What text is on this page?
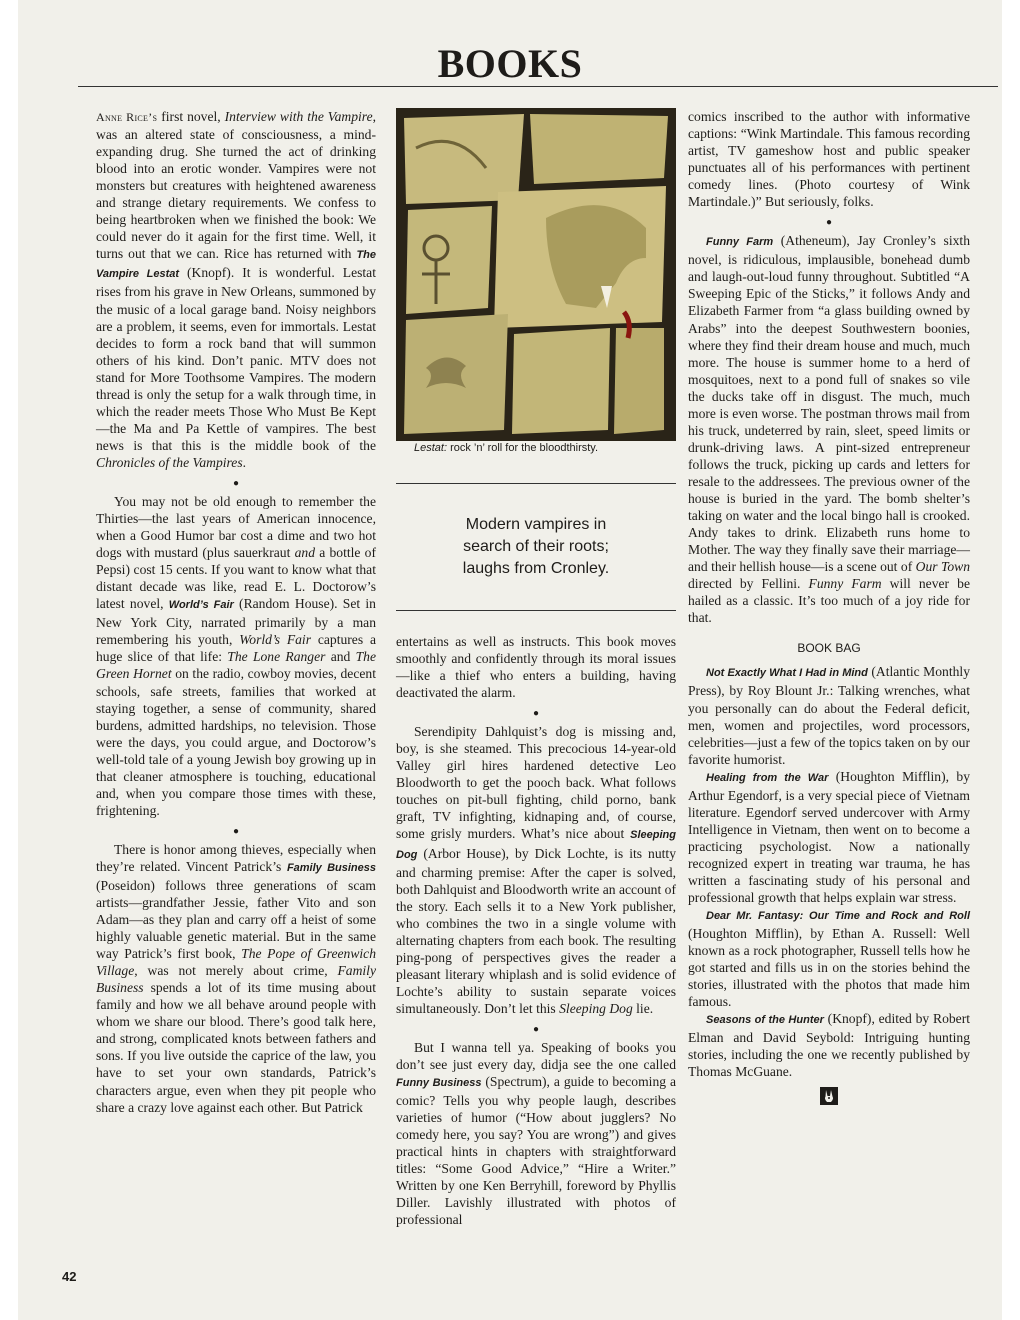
BOOKS

Anne Rice’s first novel, Interview with the Vampire, was an altered state of consciousness, a mind-expanding drug. She turned the act of drinking blood into an erotic wonder. Vampires were not monsters but creatures with heightened awareness and strange dietary requirements. We confess to being heartbroken when we finished the book: We could never do it again for the first time. Well, it turns out that we can. Rice has returned with The Vampire Lestat (Knopf). It is wonderful. Lestat rises from his grave in New Orleans, summoned by the music of a local garage band. Noisy neighbors are a problem, it seems, even for immortals. Lestat decides to form a rock band that will summon others of his kind. Don’t panic. MTV does not stand for More Toothsome Vampires. The modern thread is only the setup for a walk through time, in which the reader meets Those Who Must Be Kept—the Ma and Pa Kettle of vampires. The best news is that this is the middle book of the Chronicles of the Vampires.

●

You may not be old enough to remember the Thirties—the last years of American innocence, when a Good Humor bar cost a dime and two hot dogs with mustard (plus sauerkraut and a bottle of Pepsi) cost 15 cents. If you want to know what that distant decade was like, read E. L. Doctorow’s latest novel, World’s Fair (Random House). Set in New York City, narrated primarily by a man remembering his youth, World’s Fair captures a huge slice of that life: The Lone Ranger and The Green Hornet on the radio, cowboy movies, decent schools, safe streets, families that worked at staying together, a sense of community, shared burdens, admitted hardships, no television. Those were the days, you could argue, and Doctorow’s well-told tale of a young Jewish boy growing up in that cleaner atmosphere is touching, educational and, when you compare those times with these, frightening.

●

There is honor among thieves, especially when they’re related. Vincent Patrick’s Family Business (Poseidon) follows three generations of scam artists—grandfather Jessie, father Vito and son Adam—as they plan and carry off a heist of some highly valuable genetic material. But in the same way Patrick’s first book, The Pope of Greenwich Village, was not merely about crime, Family Business spends a lot of its time musing about family and how we all behave around people with whom we share our blood. There’s good talk here, and strong, complicated knots between fathers and sons. If you live outside the caprice of the law, you have to set your own standards, Patrick’s characters argue, even when they pit people who share a crazy love against each other. But Patrick

Lestat: rock ’n’ roll for the bloodthirsty.

Modern vampires in
search of their roots;
laughs from Cronley.

entertains as well as instructs. This book moves smoothly and confidently through its moral issues—like a thief who enters a building, having deactivated the alarm.

●

Serendipity Dahlquist’s dog is missing and, boy, is she steamed. This precocious 14-year-old Valley girl hires hardened detective Leo Bloodworth to get the pooch back. What follows touches on pit-bull fighting, child porno, bank graft, TV infighting, kidnaping and, of course, some grisly murders. What’s nice about Sleeping Dog (Arbor House), by Dick Lochte, is its nutty and charming premise: After the caper is solved, both Dahlquist and Bloodworth write an account of the story. Each sells it to a New York publisher, who combines the two in a single volume with alternating chapters from each book. The resulting ping-pong of perspectives gives the reader a pleasant literary whiplash and is solid evidence of Lochte’s ability to sustain separate voices simultaneously. Don’t let this Sleeping Dog lie.

●

But I wanna tell ya. Speaking of books you don’t see just every day, didja see the one called Funny Business (Spectrum), a guide to becoming a comic? Tells you why people laugh, describes varieties of humor (“How about jugglers? No comedy here, you say? You are wrong”) and gives practical hints in chapters with straightforward titles: “Some Good Advice,” “Hire a Writer.” Written by one Ken Berryhill, foreword by Phyllis Diller. Lavishly illustrated with photos of professional

comics inscribed to the author with informative captions: “Wink Martindale. This famous recording artist, TV gameshow host and public speaker punctuates all of his performances with pertinent comedy lines. (Photo courtesy of Wink Martindale.)” But seriously, folks.

●

Funny Farm (Atheneum), Jay Cronley’s sixth novel, is ridiculous, implausible, bonehead dumb and laugh-out-loud funny throughout. Subtitled “A Sweeping Epic of the Sticks,” it follows Andy and Elizabeth Farmer from “a glass building owned by Arabs” into the deepest Southwestern boonies, where they find their dream house and much, much more. The house is summer home to a herd of mosquitoes, next to a pond full of snakes so vile the ducks take off in disgust. The much, much more is even worse. The postman throws mail from his truck, undeterred by rain, sleet, speed limits or drunk-driving laws. A pint-sized entrepreneur follows the truck, picking up cards and letters for resale to the addressees. The previous owner of the house is buried in the yard. The bomb shelter’s taking on water and the local bingo hall is crooked. Andy takes to drink. Elizabeth runs home to Mother. The way they finally save their marriage—and their hellish house—is a scene out of Our Town directed by Fellini. Funny Farm will never be hailed as a classic. It’s too much of a joy ride for that.

BOOK BAG

Not Exactly What I Had in Mind (Atlantic Monthly Press), by Roy Blount Jr.: Talking wrenches, what you personally can do about the Federal deficit, men, women and projectiles, word processors, celebrities—just a few of the topics taken on by our favorite humorist.

Healing from the War (Houghton Mifflin), by Arthur Egendorf, is a very special piece of Vietnam literature. Egendorf served undercover with Army Intelligence in Vietnam, then went on to become a practicing psychologist. Now a nationally recognized expert in treating war trauma, he has written a fascinating study of his personal and professional growth that helps explain war stress.

Dear Mr. Fantasy: Our Time and Rock and Roll (Houghton Mifflin), by Ethan A. Russell: Well known as a rock photographer, Russell tells how he got started and fills us in on the stories behind the stories, illustrated with the photos that made him famous.

Seasons of the Hunter (Knopf), edited by Robert Elman and David Seybold: Intriguing hunting stories, including the one we recently published by Thomas McGuane.

42
